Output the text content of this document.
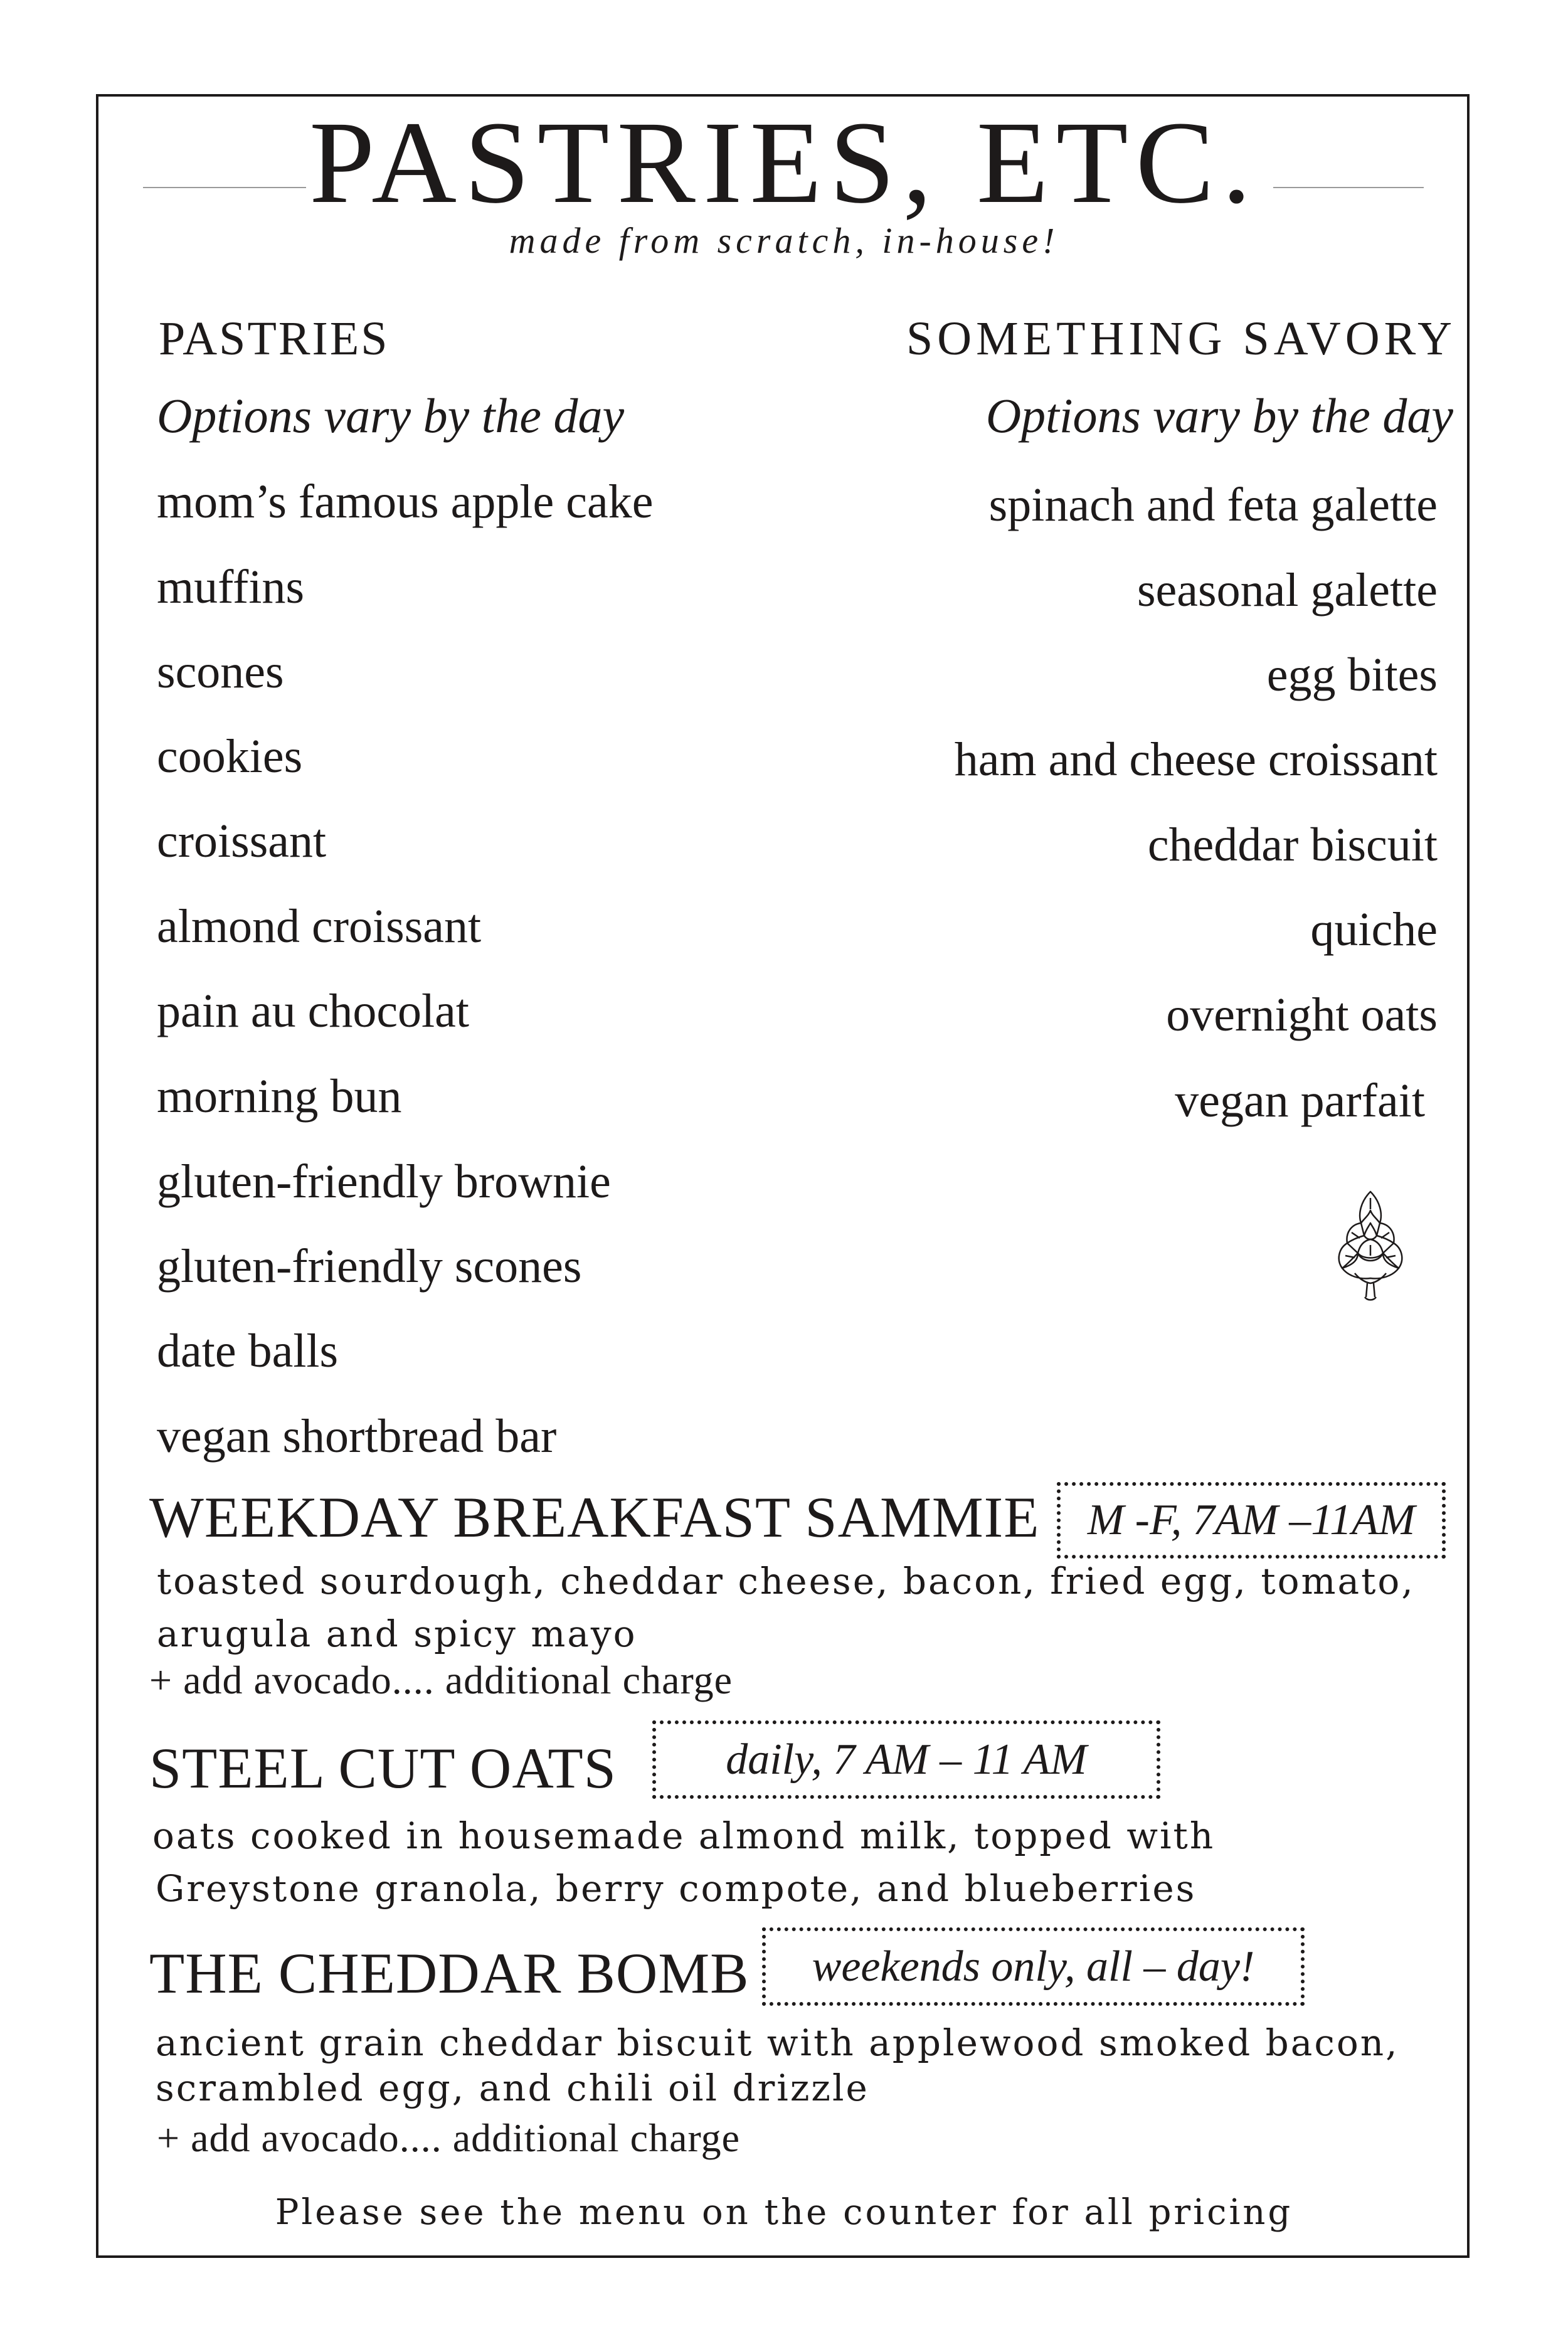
PASTRIES, ETC.
made from scratch, in-house!
PASTRIES
Options vary by the day
mom’s famous apple cake
muffins
scones
cookies
croissant
almond croissant
pain au chocolat
morning bun
gluten-friendly brownie
gluten-friendly scones
date balls
vegan shortbread bar
SOMETHING SAVORY
Options vary by the day
spinach and feta galette
seasonal galette
egg bites
ham and cheese croissant
cheddar biscuit
quiche
overnight oats
vegan parfait
WEEKDAY BREAKFAST SAMMIE	M -F, 7AM –11AM
toasted sourdough, cheddar cheese, bacon, fried egg, tomato,
arugula and spicy mayo
+ add avocado.... additional charge
STEEL CUT OATS	daily, 7 AM – 11 AM
oats cooked in housemade almond milk, topped with
Greystone granola, berry compote, and blueberries
THE CHEDDAR BOMB	weekends only, all – day!
ancient grain cheddar biscuit with applewood smoked bacon,
scrambled egg, and chili oil drizzle
+ add avocado.... additional charge
Please see the menu on the counter for all pricing
